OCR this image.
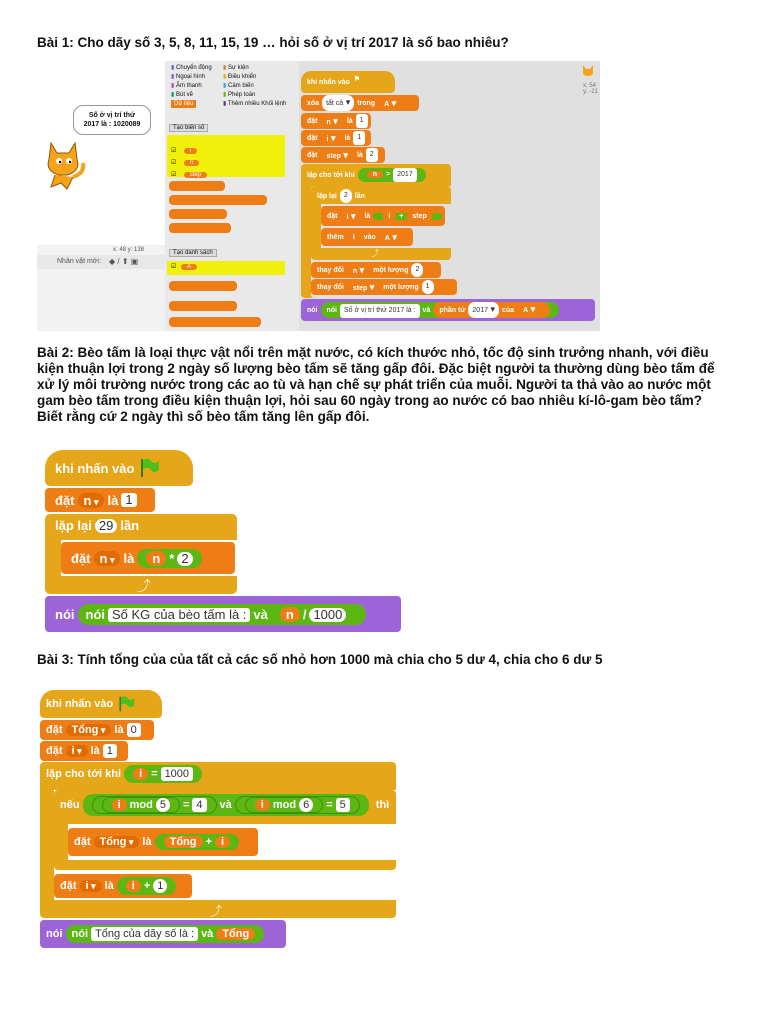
Bài 1: Cho dãy số 3, 5, 8, 11, 15, 19 … hỏi số ở vị trí 2017 là số bao nhiêu?

Số ở vị trí thứ
2017 là : 1020089
x: 48 y: 138
Nhân vật mới: ◆ / ⬆ ▣
▮ Chuyển động ▮ Sự kiện
▮ Ngoại hình	▮ Điều khiển
▮ Âm thanh	▮ Cảm biến
▮ Bút vẽ	▮ Phép toán
Dữ liệu	▮ Thêm nhiều Khối lệnh
Tạo biến số
☑ i
☑ n
☑ step
Tạo danh sách
☑ A
x: 54
y: -21
khi nhấn vào ⚑
xóa	tất cả ▾	trong	A ▾
đặt	n ▾	là	1
đặt	i ▾	là	1
đặt	step ▾	là	2
lặp cho tới khi	n > 2017
lặp lại	2	lần
đặt	i ▾	là	i + step
thêm	i	vào	A ▾
⤴
thay đổi	n ▾	một lượng	2
thay đổi	step ▾	một lượng	1
nói	nói Số ở vị trí thứ 2017 là : và phần tử 2017 ▾ của A ▾

Bài 2: Bèo tấm là loại thực vật nổi trên mặt nước, có kích thước nhỏ, tốc độ sinh trưởng nhanh, với điều kiện thuận lợi trong 2 ngày số lượng bèo tấm sẽ tăng gấp đôi. Đặc biệt người ta thường dùng bèo tấm để xử lý môi trường nước trong các ao tù và hạn chế sự phát triển của muỗi. Người ta thả vào ao nước một gam bèo tấm trong điều kiện thuận lợi, hỏi sau 60 ngày trong ao nước có bao nhiêu kí-lô-gam bèo tấm? Biết rằng cứ 2 ngày thì số bèo tấm tăng lên gấp đôi.

khi nhấn vào
đặt n ▾	là 1
lặp lại 29 lần
đặt n ▾	là	n * 2
⤴
nói nói Số KG của bèo tấm là : và n / 1000

Bài 3: Tính tổng của của tất cả các số nhỏ hơn 1000 mà chia cho 5 dư 4, chia cho 6 dư 5

khi nhấn vào
đặt Tổng ▾	là 0
đặt i ▾	là 1
lặp cho tới khi	i = 1000
nếu	i mod 5 = 4 và	i mod 6 = 5	thì
đặt Tổng ▾	là	Tổng + i
đặt i ▾	là	i + 1
⤴
nói nói Tổng của dãy số là : và Tổng
